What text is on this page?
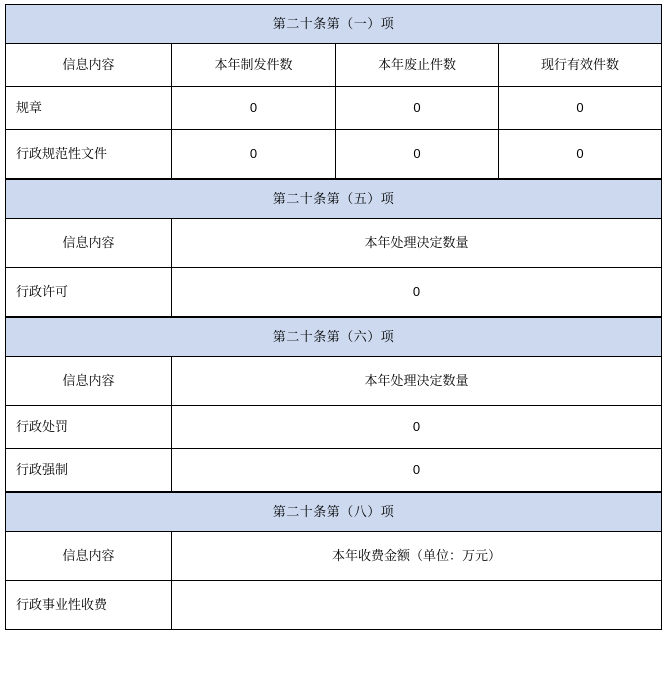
第二十条第（一）项			
信息内容	本年制发件数	本年废止件数	现行有效件数
规章	0	0	0
行政规范性文件	0	0	0
第二十条第（五）项	
信息内容	本年处理决定数量
行政许可	0
第二十条第（六）项	
信息内容	本年处理决定数量
行政处罚	0
行政强制	0
第二十条第（八）项	
信息内容	本年收费金额（单位：万元）
行政事业性收费	
